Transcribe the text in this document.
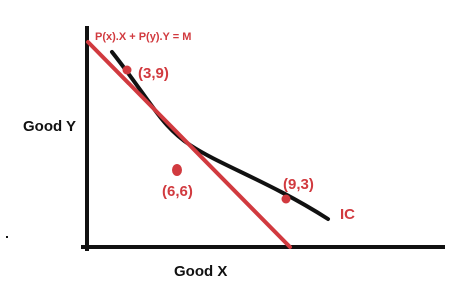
P(x).X + P(y).Y = M
(3,9)
(6,6)	(9,3)
IC
Good Y
Good X
